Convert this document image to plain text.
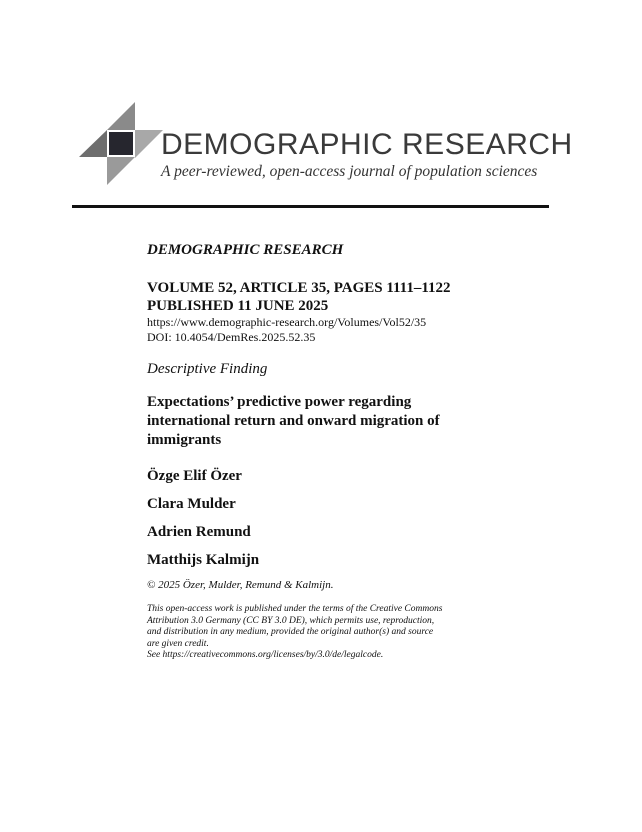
DEMOGRAPHIC RESEARCH
A peer-reviewed, open-access journal of population sciences

DEMOGRAPHIC RESEARCH

VOLUME 52, ARTICLE 35, PAGES 1111–1122

PUBLISHED 11 JUNE 2025

https://www.demographic-research.org/Volumes/Vol52/35

DOI: 10.4054/DemRes.2025.52.35

Descriptive Finding

Expectations’ predictive power regarding international return and onward migration of immigrants

Özge Elif Özer

Clara Mulder

Adrien Remund

Matthijs Kalmijn

© 2025 Özer, Mulder, Remund & Kalmijn.

This open-access work is published under the terms of the Creative Commons
Attribution 3.0 Germany (CC BY 3.0 DE), which permits use, reproduction,
and distribution in any medium, provided the original author(s) and source
are given credit.
See https://creativecommons.org/licenses/by/3.0/de/legalcode.
